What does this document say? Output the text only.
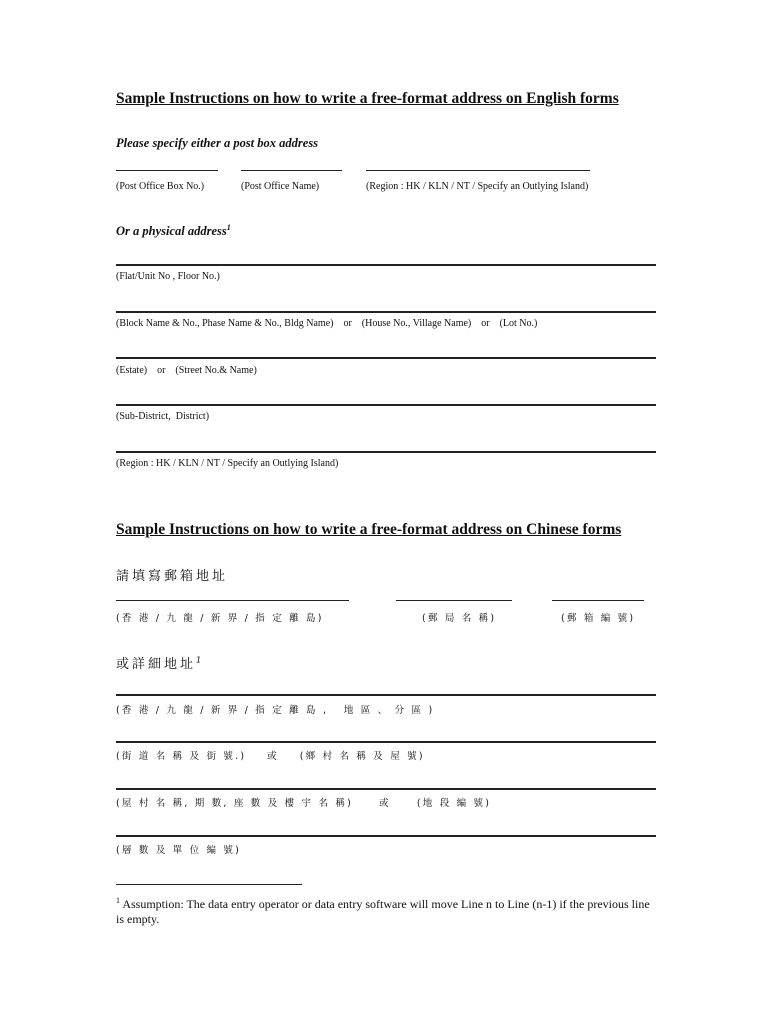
Sample Instructions on how to write a free-format address on English forms
Please specify either a post box address
(Post Office Box No.)	(Post Office Name)	(Region : HK / KLN / NT / Specify an Outlying Island)
Or a physical address$^1$
(Flat/Unit No , Floor No.)
(Block Name & No., Phase Name & No., Bldg Name)    or    (House No., Village Name)    or    (Lot No.)
(Estate)    or    (Street No.& Name)
(Sub-District,  District)
(Region : HK / KLN / NT / Specify an Outlying Island)
Sample Instructions on how to write a free-format address on Chinese forms
請填寫郵箱地址
(香 港 / 九 龍 / 新 界 / 指 定 離 島)	(郵 局 名 稱)	(郵 箱 編 號)
或詳細地址$^1$
(香 港 / 九 龍 / 新 界 / 指 定 離 島 ,   地 區 、 分 區 )
(街 道 名 稱 及 街 號.)    或    (鄉 村 名 稱 及 屋 號)
(屋 村 名 稱, 期 數, 座 數 及 樓 宇 名 稱)     或     (地 段 編 號)
(層 數 及 單 位 編 號)
$^1$ Assumption: The data entry operator or data entry software will move Line n to Line (n-1) if the previous line is empty.
